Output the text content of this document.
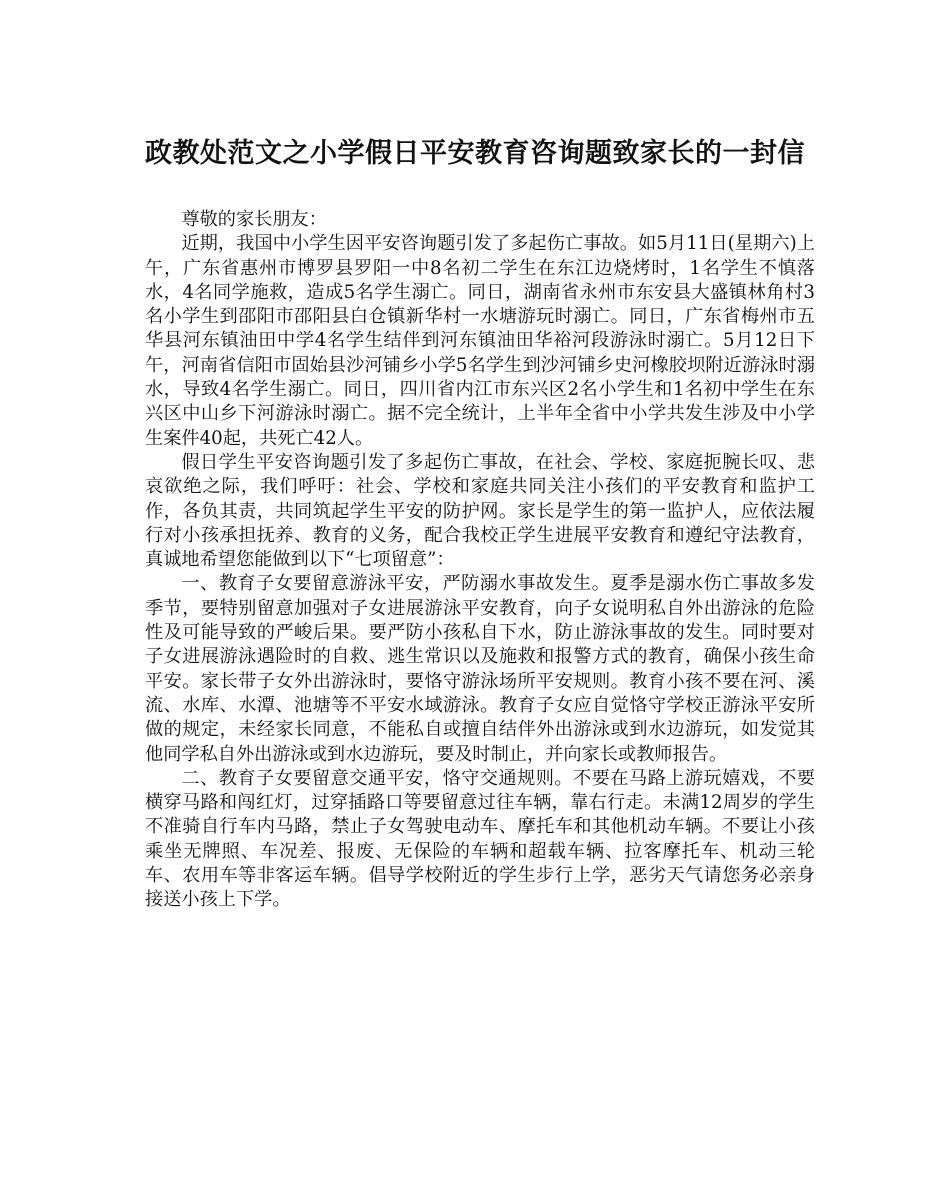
政教处范文之小学假日平安教育咨询题致家长的一封信

尊敬的家长朋友：

近期，我国中小学生因平安咨询题引发了多起伤亡事故。如5月11日(星期六)上午，广东省惠州市博罗县罗阳一中8名初二学生在东江边烧烤时，1名学生不慎落水，4名同学施救，造成5名学生溺亡。同日，湖南省永州市东安县大盛镇林角村3名小学生到邵阳市邵阳县白仓镇新华村一水塘游玩时溺亡。同日，广东省梅州市五华县河东镇油田中学4名学生结伴到河东镇油田华裕河段游泳时溺亡。5月12日下午，河南省信阳市固始县沙河铺乡小学5名学生到沙河铺乡史河橡胶坝附近游泳时溺水，导致4名学生溺亡。同日，四川省内江市东兴区2名小学生和1名初中学生在东兴区中山乡下河游泳时溺亡。据不完全统计，上半年全省中小学共发生涉及中小学生案件40起，共死亡42人。

假日学生平安咨询题引发了多起伤亡事故，在社会、学校、家庭扼腕长叹、悲哀欲绝之际，我们呼吁：社会、学校和家庭共同关注小孩们的平安教育和监护工作，各负其责，共同筑起学生平安的防护网。家长是学生的第一监护人，应依法履行对小孩承担抚养、教育的义务，配合我校正学生进展平安教育和遵纪守法教育，真诚地希望您能做到以下“七项留意”：

一、教育子女要留意游泳平安，严防溺水事故发生。夏季是溺水伤亡事故多发季节，要特别留意加强对子女进展游泳平安教育，向子女说明私自外出游泳的危险性及可能导致的严峻后果。要严防小孩私自下水，防止游泳事故的发生。同时要对子女进展游泳遇险时的自救、逃生常识以及施救和报警方式的教育，确保小孩生命平安。家长带子女外出游泳时，要恪守游泳场所平安规则。教育小孩不要在河、溪流、水库、水潭、池塘等不平安水域游泳。教育子女应自觉恪守学校正游泳平安所做的规定，未经家长同意，不能私自或擅自结伴外出游泳或到水边游玩，如发觉其他同学私自外出游泳或到水边游玩，要及时制止，并向家长或教师报告。

二、教育子女要留意交通平安，恪守交通规则。不要在马路上游玩嬉戏，不要横穿马路和闯红灯，过穿插路口等要留意过往车辆，靠右行走。未满12周岁的学生不准骑自行车内马路，禁止子女驾驶电动车、摩托车和其他机动车辆。不要让小孩乘坐无牌照、车况差、报废、无保险的车辆和超载车辆、拉客摩托车、机动三轮车、农用车等非客运车辆。倡导学校附近的学生步行上学，恶劣天气请您务必亲身接送小孩上下学。
